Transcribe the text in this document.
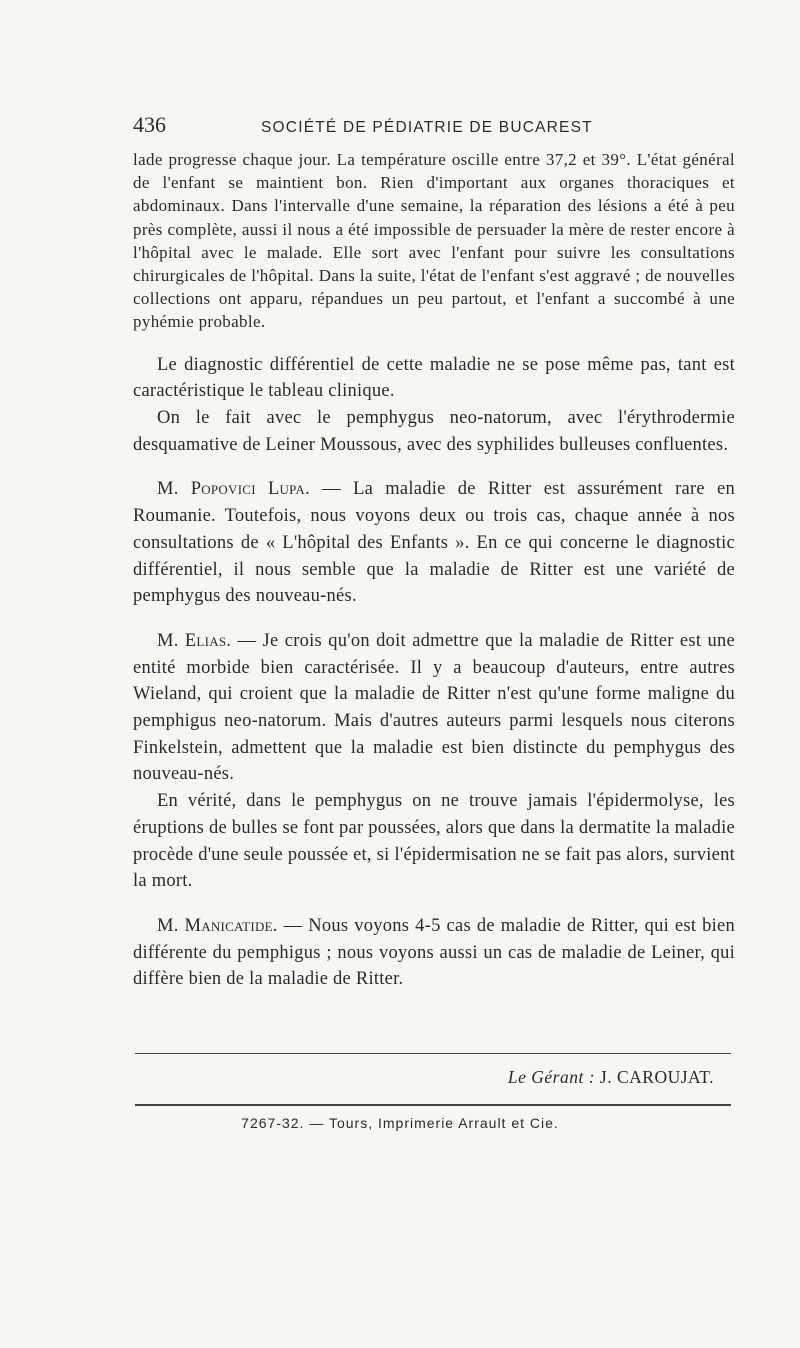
436	SOCIÉTÉ DE PÉDIATRIE DE BUCAREST

lade progresse chaque jour. La température oscille entre 37,2 et 39°. L'état général de l'enfant se maintient bon. Rien d'important aux organes thoraciques et abdominaux. Dans l'intervalle d'une semaine, la réparation des lésions a été à peu près complète, aussi il nous a été impossible de persuader la mère de rester encore à l'hôpital avec le malade. Elle sort avec l'enfant pour suivre les consultations chirurgicales de l'hôpital. Dans la suite, l'état de l'enfant s'est aggravé ; de nouvelles collections ont apparu, répandues un peu partout, et l'enfant a succombé à une pyhémie probable.

Le diagnostic différentiel de cette maladie ne se pose même pas, tant est caractéristique le tableau clinique.

On le fait avec le pemphygus neo-natorum, avec l'érythrodermie desquamative de Leiner Moussous, avec des syphilides bulleuses confluentes.

M. Popovici Lupa. — La maladie de Ritter est assurément rare en Roumanie. Toutefois, nous voyons deux ou trois cas, chaque année à nos consultations de « L'hôpital des Enfants ». En ce qui concerne le diagnostic différentiel, il nous semble que la maladie de Ritter est une variété de pemphygus des nouveau-nés.

M. Elias. — Je crois qu'on doit admettre que la maladie de Ritter est une entité morbide bien caractérisée. Il y a beaucoup d'auteurs, entre autres Wieland, qui croient que la maladie de Ritter n'est qu'une forme maligne du pemphigus neo-natorum. Mais d'autres auteurs parmi lesquels nous citerons Finkelstein, admettent que la maladie est bien distincte du pemphygus des nouveau-nés.

En vérité, dans le pemphygus on ne trouve jamais l'épidermolyse, les éruptions de bulles se font par poussées, alors que dans la dermatite la maladie procède d'une seule poussée et, si l'épidermisation ne se fait pas alors, survient la mort.

M. Manicatide. — Nous voyons 4-5 cas de maladie de Ritter, qui est bien différente du pemphigus ; nous voyons aussi un cas de maladie de Leiner, qui diffère bien de la maladie de Ritter.

Le Gérant : J. CAROUJAT.
7267-32. — Tours, Imprimerie Arrault et Cie.
